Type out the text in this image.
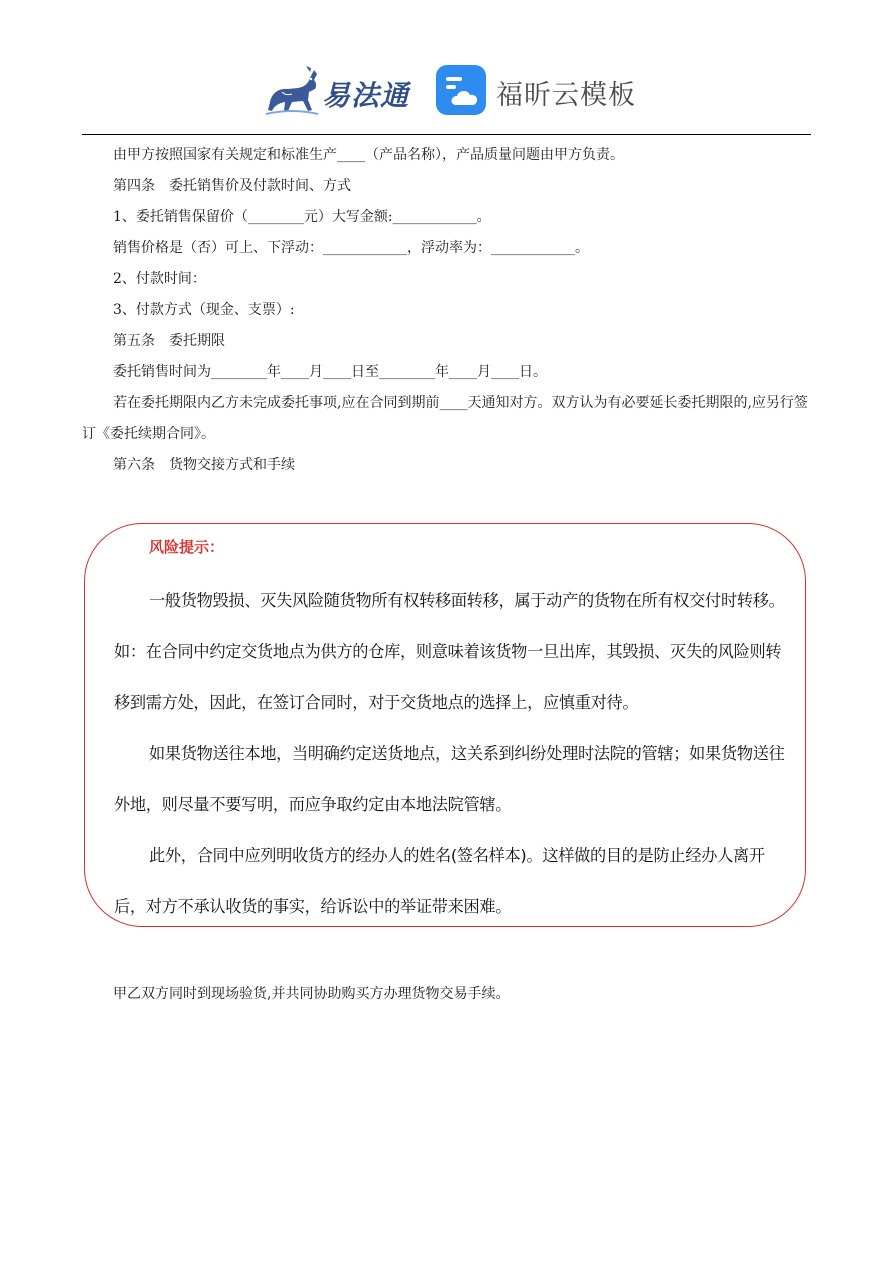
易法通	福昕云模板

由甲方按照国家有关规定和标准生产____（产品名称），产品质量问题由甲方负责。

第四条　委托销售价及付款时间、方式

1、委托销售保留价（________元）大写金额:____________。

销售价格是（否）可上、下浮动：____________，浮动率为：____________。

2、付款时间：

3、付款方式（现金、支票）:

第五条　委托期限

委托销售时间为________年____月____日至________年____月____日。

若在委托期限内乙方未完成委托事项,应在合同到期前____天通知对方。双方认为有必要延长委托期限的,应另行签订《委托续期合同》。

第六条　货物交接方式和手续

风险提示：

一般货物毁损、灭失风险随货物所有权转移面转移，属于动产的货物在所有权交付时转移。如：在合同中约定交货地点为供方的仓库，则意味着该货物一旦出库，其毁损、灭失的风险则转移到需方处，因此，在签订合同时，对于交货地点的选择上，应慎重对待。

如果货物送往本地，当明确约定送货地点，这关系到纠纷处理时法院的管辖；如果货物送往外地，则尽量不要写明，而应争取约定由本地法院管辖。

此外，合同中应列明收货方的经办人的姓名(签名样本)。这样做的目的是防止经办人离开后，对方不承认收货的事实，给诉讼中的举证带来困难。

甲乙双方同时到现场验货,并共同协助购买方办理货物交易手续。
